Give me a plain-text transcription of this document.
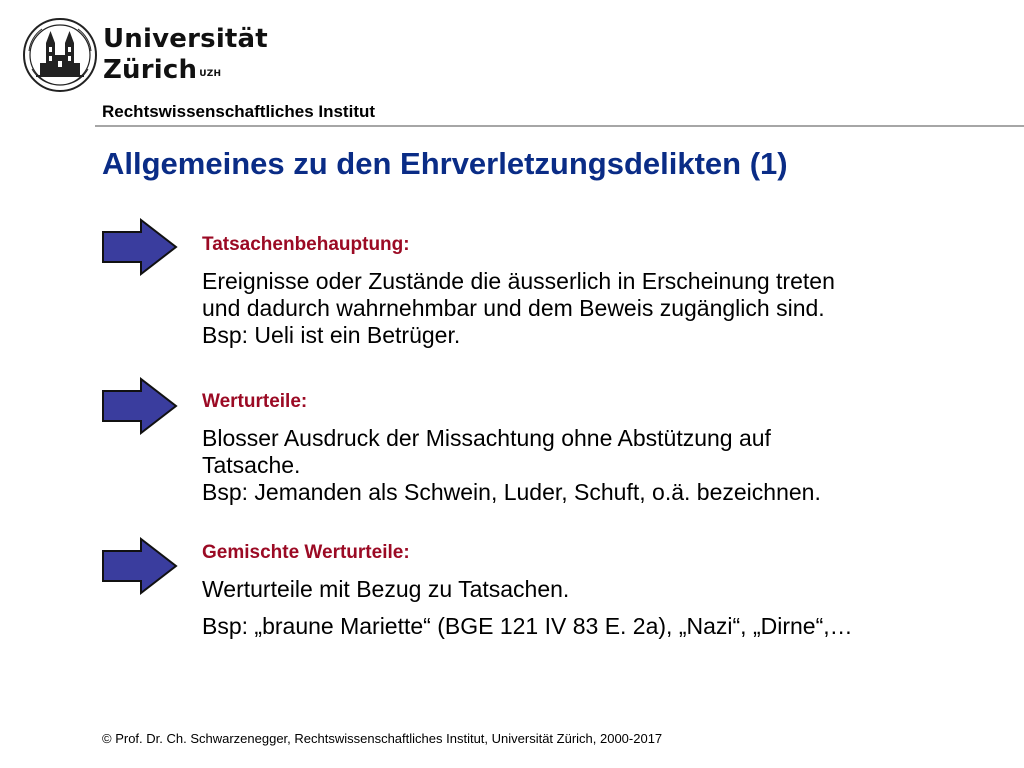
Universität
Zürich $^{UZH}$
Rechtswissenschaftliches Institut
Allgemeines zu den Ehrverletzungsdelikten (1)
Tatsachenbehauptung:

Ereignisse oder Zustände die äusserlich in Erscheinung treten

und dadurch wahrnehmbar und dem Beweis zugänglich sind.

Bsp: Ueli ist ein Betrüger.

Werturteile:

Blosser Ausdruck der Missachtung ohne Abstützung auf

Tatsache.

Bsp: Jemanden als Schwein, Luder, Schuft, o.ä. bezeichnen.

Gemischte Werturteile:

Werturteile mit Bezug zu Tatsachen.

Bsp: „braune Mariette“ (BGE 121 IV 83 E. 2a), „Nazi“, „Dirne“,…

© Prof. Dr. Ch. Schwarzenegger, Rechtswissenschaftliches Institut, Universität Zürich, 2000-2017
